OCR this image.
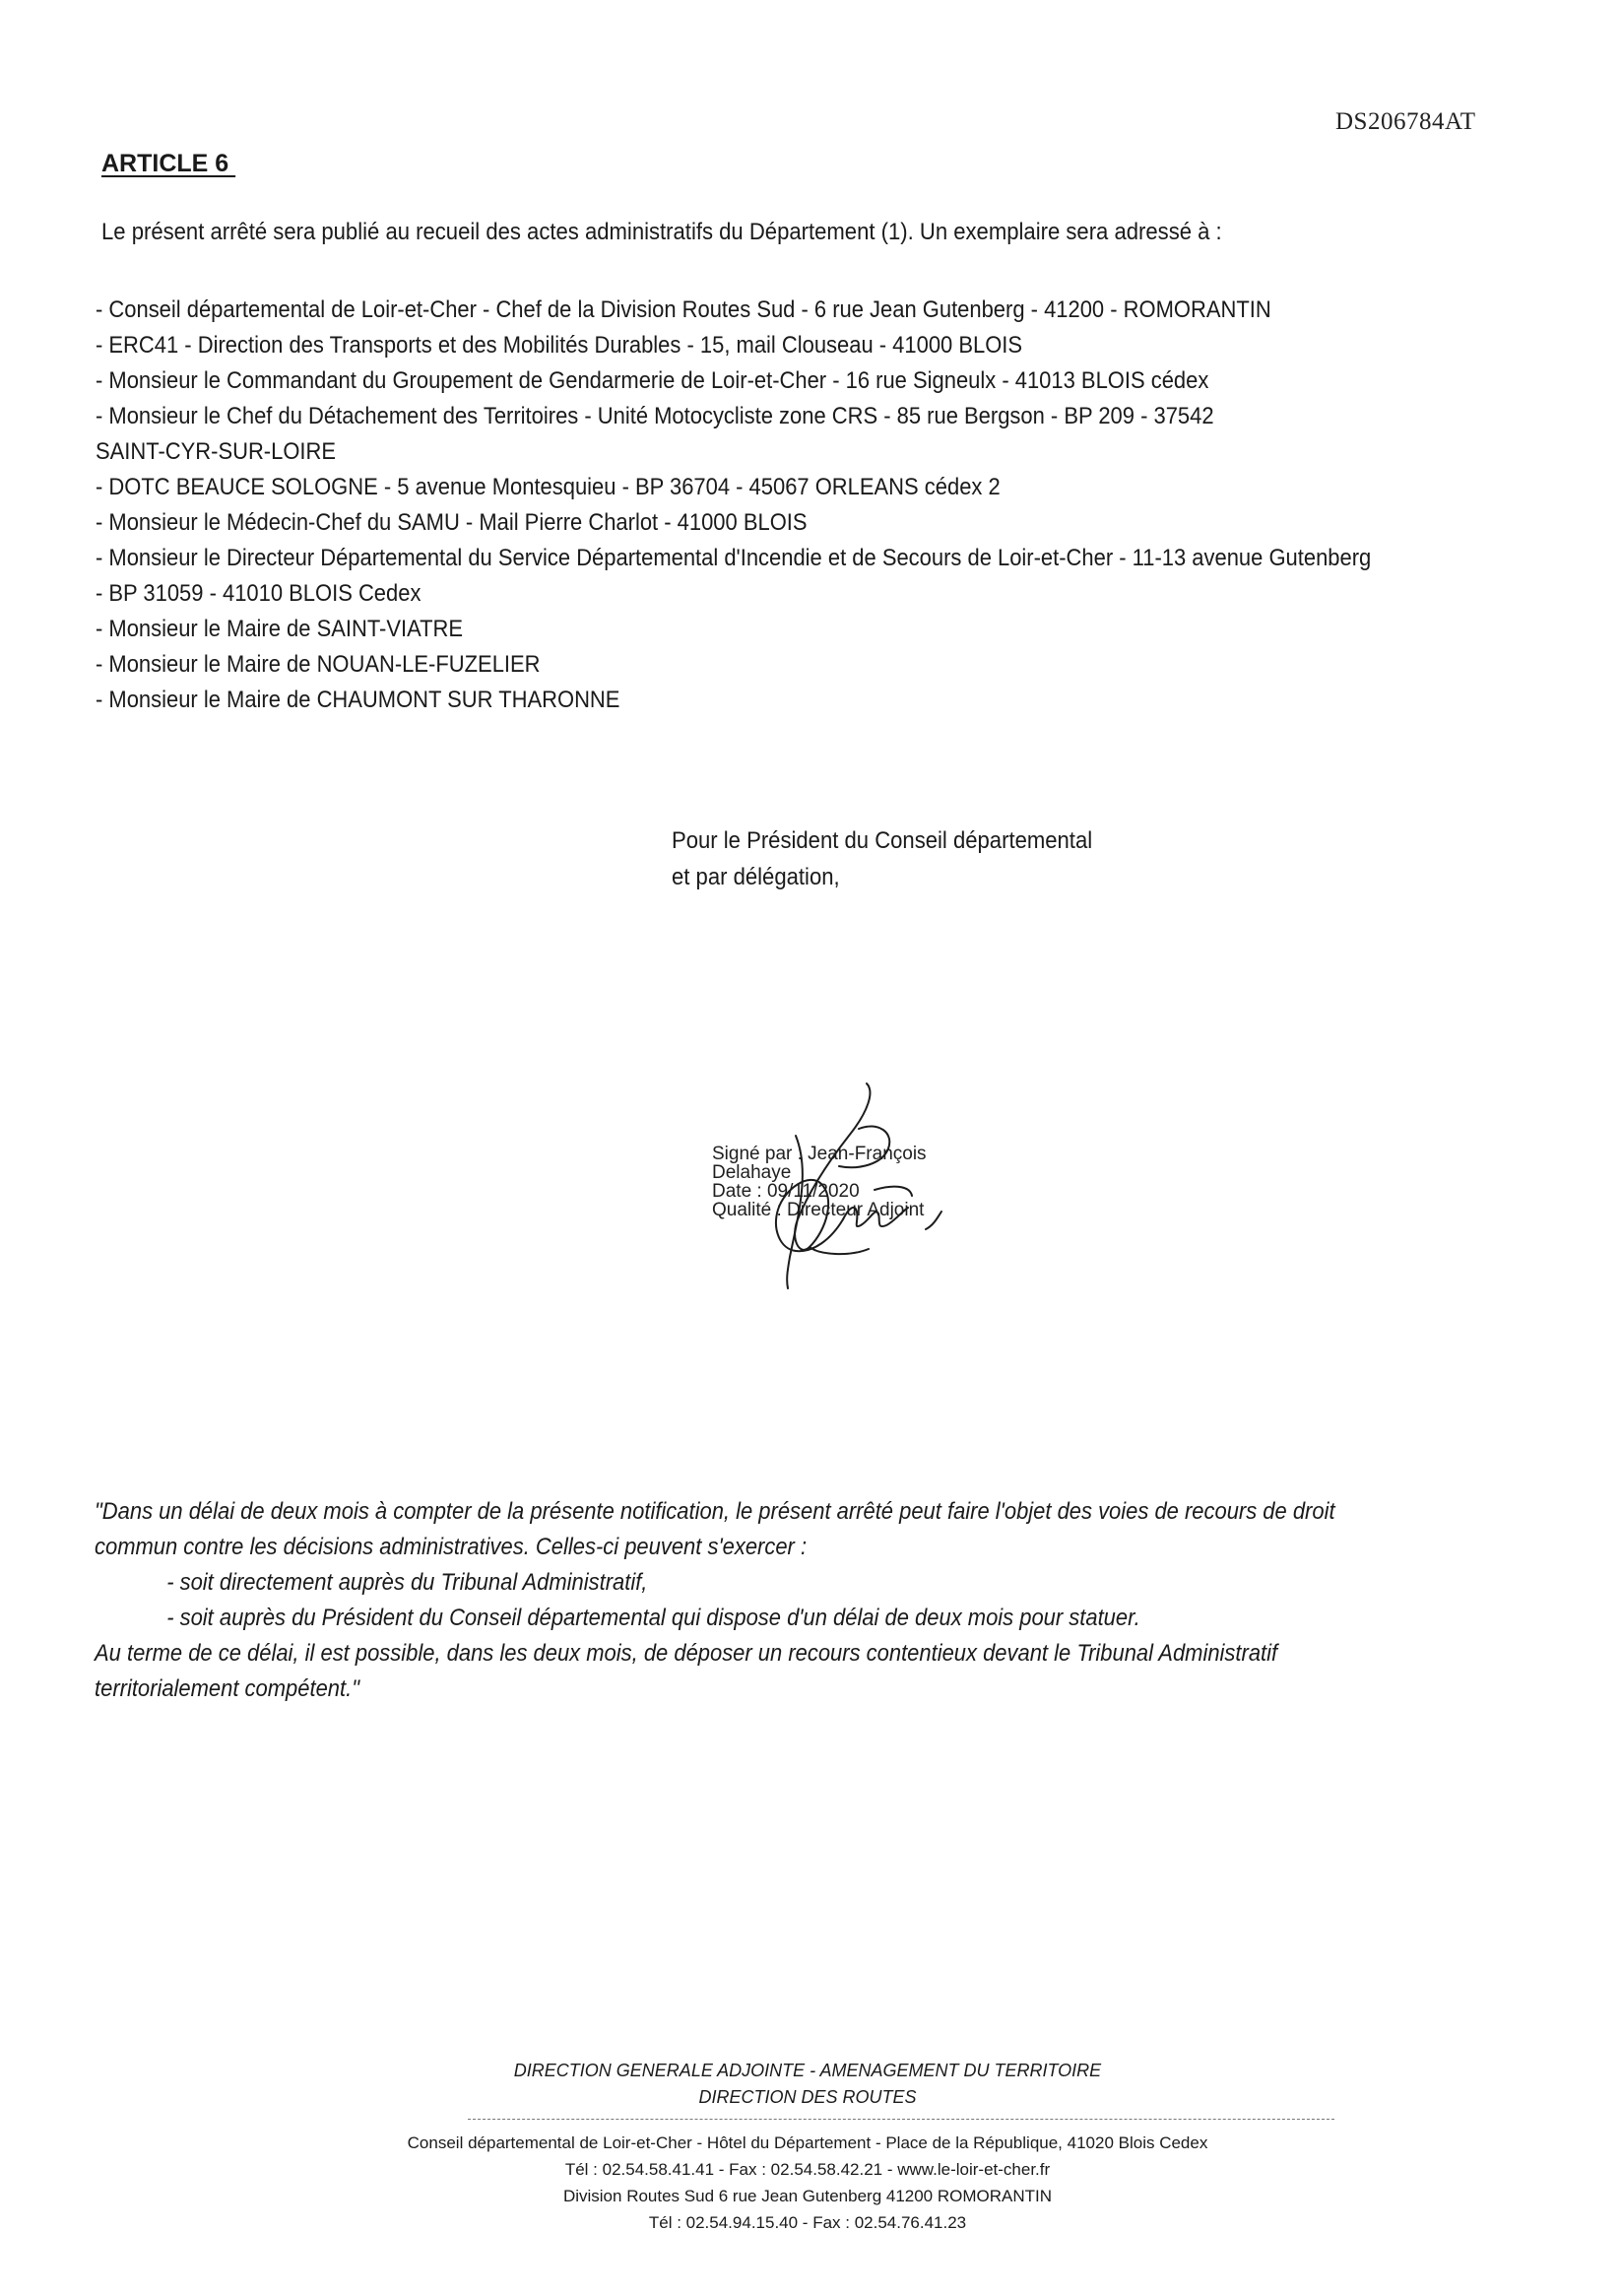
DS206784AT
ARTICLE 6
Le présent arrêté sera publié au recueil des actes administratifs du Département (1). Un exemplaire sera adressé à :
- Conseil départemental de Loir-et-Cher - Chef de la Division Routes Sud - 6 rue Jean Gutenberg - 41200 - ROMORANTIN
- ERC41 - Direction des Transports et des Mobilités Durables - 15, mail Clouseau - 41000 BLOIS
- Monsieur le Commandant du Groupement de Gendarmerie de Loir-et-Cher - 16 rue Signeulx - 41013 BLOIS cédex
- Monsieur le Chef du Détachement des Territoires - Unité Motocycliste zone CRS - 85 rue Bergson - BP 209 - 37542
SAINT-CYR-SUR-LOIRE
- DOTC BEAUCE SOLOGNE - 5 avenue Montesquieu - BP 36704 - 45067 ORLEANS cédex 2
- Monsieur le Médecin-Chef du SAMU - Mail Pierre Charlot - 41000 BLOIS
- Monsieur le Directeur Départemental du Service Départemental d'Incendie et de Secours de Loir-et-Cher - 11-13 avenue Gutenberg
- BP 31059 - 41010 BLOIS Cedex
- Monsieur le Maire de SAINT-VIATRE
- Monsieur le Maire de NOUAN-LE-FUZELIER
- Monsieur le Maire de CHAUMONT SUR THARONNE
Pour le Président du Conseil départemental
et par délégation,
Signé par : Jean-François
Delahaye
Date : 09/11/2020
Qualité : Directeur Adjoint
"Dans un délai de deux mois à compter de la présente notification, le présent arrêté peut faire l'objet des voies de recours de droit
commun contre les décisions administratives. Celles-ci peuvent s'exercer :
- soit directement auprès du Tribunal Administratif,
- soit auprès du Président du Conseil départemental qui dispose d'un délai de deux mois pour statuer.
Au terme de ce délai, il est possible, dans les deux mois, de déposer un recours contentieux devant le Tribunal Administratif
territorialement compétent."
DIRECTION GENERALE ADJOINTE - AMENAGEMENT DU TERRITOIRE
DIRECTION DES ROUTES
Conseil départemental de Loir-et-Cher - Hôtel du Département - Place de la République, 41020 Blois Cedex
Tél : 02.54.58.41.41 - Fax : 02.54.58.42.21 - www.le-loir-et-cher.fr
Division Routes Sud 6 rue Jean Gutenberg 41200 ROMORANTIN
Tél : 02.54.94.15.40 - Fax : 02.54.76.41.23
